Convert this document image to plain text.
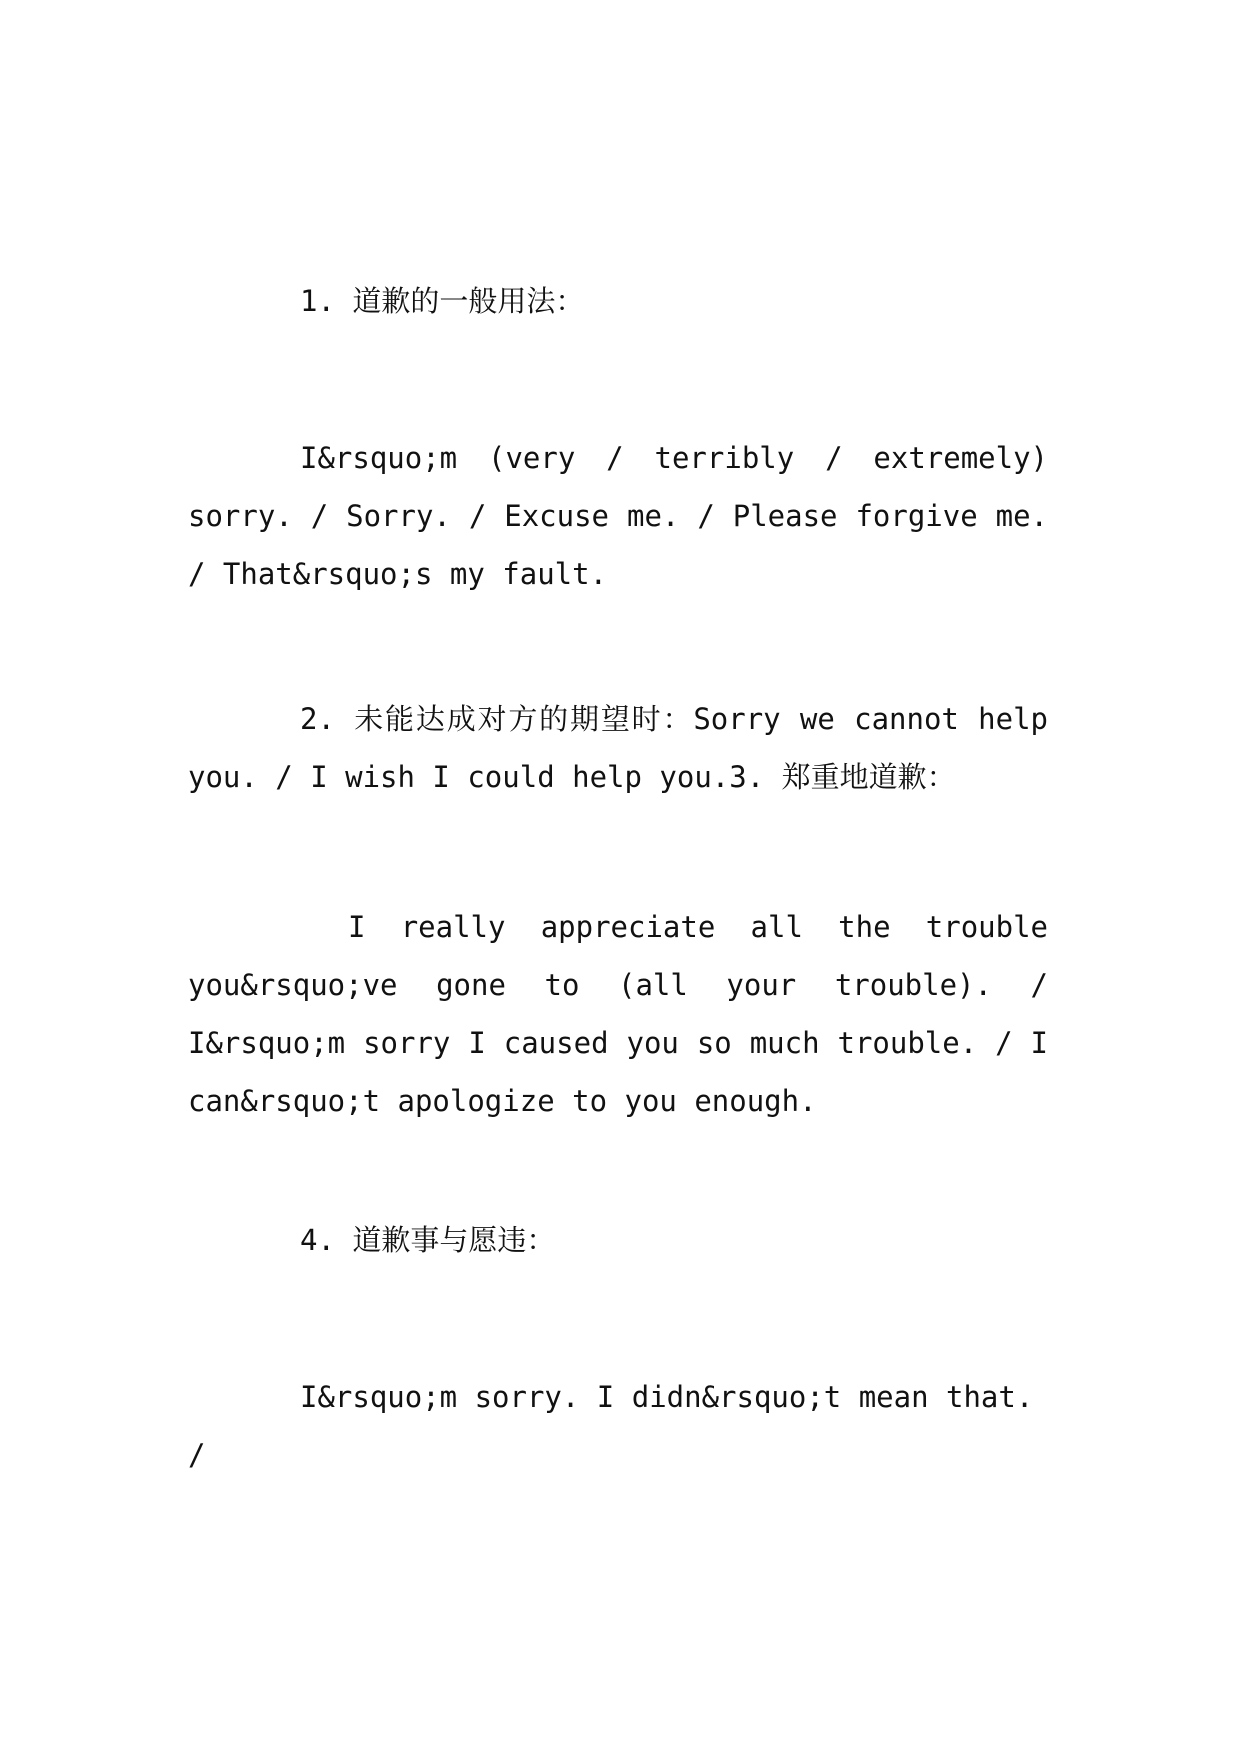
1. 道歉的一般用法：

I&rsquo;m (very / terribly / extremely) sorry. / Sorry. / Excuse me. / Please forgive me. / That&rsquo;s my fault.

2. 未能达成对方的期望时：Sorry we cannot help you. / I wish I could help you.3. 郑重地道歉：

I really appreciate all the trouble you&rsquo;ve gone to (all your trouble). / I&rsquo;m sorry I caused you so much trouble. / I can&rsquo;t apologize to you enough.

4. 道歉事与愿违：

I&rsquo;m sorry. I didn&rsquo;t mean that. /
